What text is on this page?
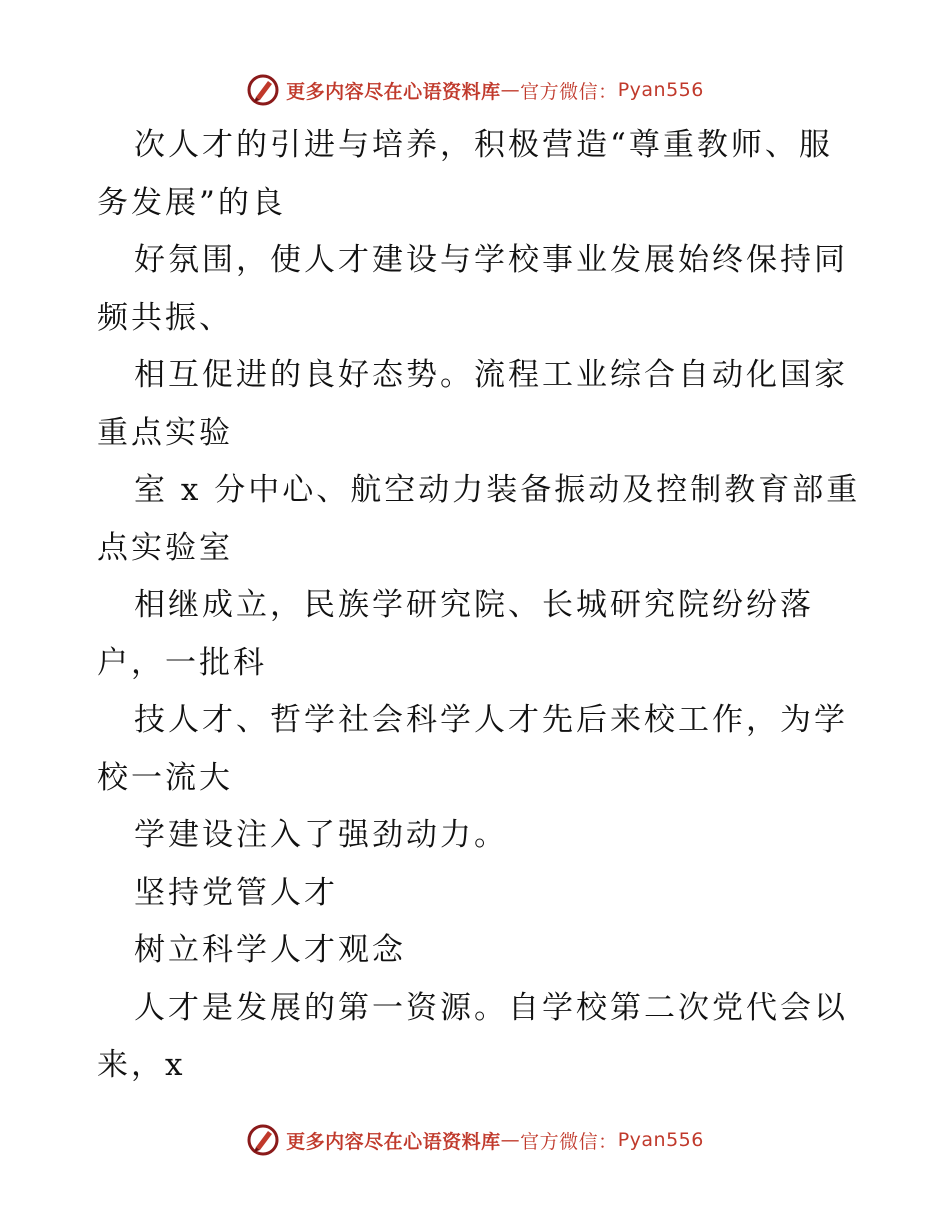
更多内容尽在心语资料库 — 官方微信： Pyan556
次人才的引进与培养，积极营造“尊重教师、服
务发展”的良
好氛围，使人才建设与学校事业发展始终保持同
频共振、
相互促进的良好态势。流程工业综合自动化国家
重点实验
室 x 分中心、航空动力装备振动及控制教育部重
点实验室
相继成立，民族学研究院、长城研究院纷纷落
户，一批科
技人才、哲学社会科学人才先后来校工作，为学
校一流大
学建设注入了强劲动力。
坚持党管人才
树立科学人才观念
人才是发展的第一资源。自学校第二次党代会以
来，x
更多内容尽在心语资料库 — 官方微信： Pyan556
